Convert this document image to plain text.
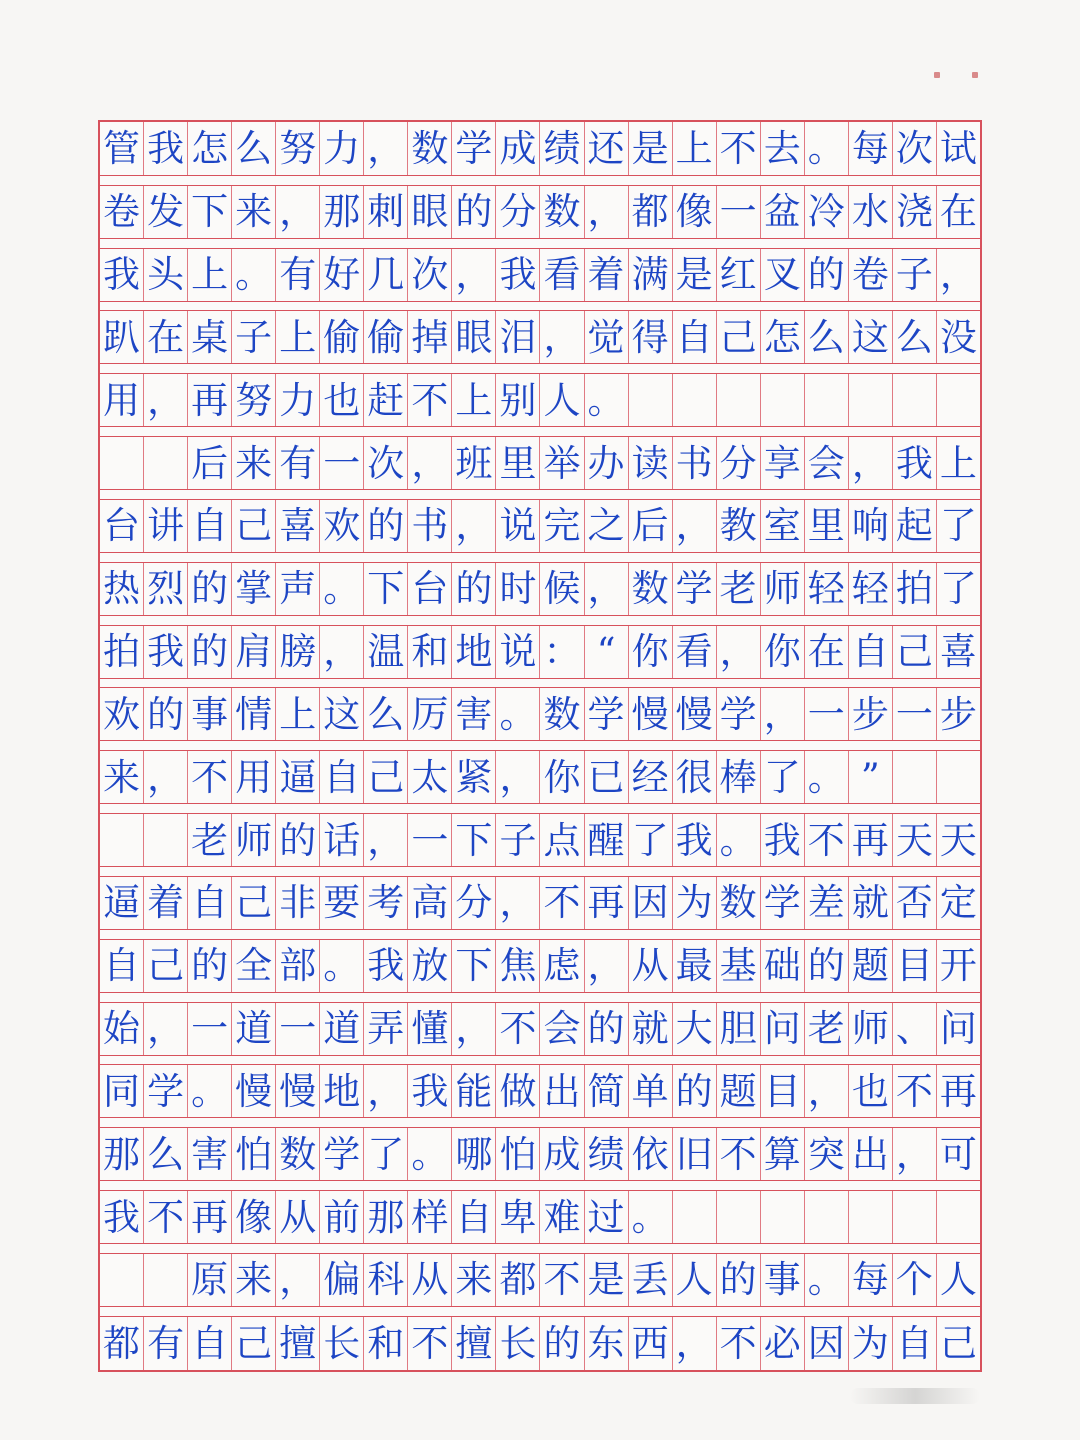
管 我 怎 么 努 力 ， 数 学 成 绩 还 是 上 不 去 。 每 次 试
卷 发 下 来 ， 那 刺 眼 的 分 数 ， 都 像 一 盆 冷 水 浇 在
我 头 上 。 有 好 几 次 ， 我 看 着 满 是 红 叉 的 卷 子 ，
趴 在 桌 子 上 偷 偷 掉 眼 泪 ， 觉 得 自 己 怎 么 这 么 没
用 ， 再 努 力 也 赶 不 上 别 人 。
后 来 有 一 次 ， 班 里 举 办 读 书 分 享 会 ， 我 上
台 讲 自 己 喜 欢 的 书 ， 说 完 之 后 ， 教 室 里 响 起 了
热 烈 的 掌 声 。 下 台 的 时 候 ， 数 学 老 师 轻 轻 拍 了
拍 我 的 肩 膀 ， 温 和 地 说 ： “ 你 看 ， 你 在 自 己 喜
欢 的 事 情 上 这 么 厉 害 。 数 学 慢 慢 学 ， 一 步 一 步
来 ， 不 用 逼 自 己 太 紧 ， 你 已 经 很 棒 了 。 ”
老 师 的 话 ， 一 下 子 点 醒 了 我 。 我 不 再 天 天
逼 着 自 己 非 要 考 高 分 ， 不 再 因 为 数 学 差 就 否 定
自 己 的 全 部 。 我 放 下 焦 虑 ， 从 最 基 础 的 题 目 开
始 ， 一 道 一 道 弄 懂 ， 不 会 的 就 大 胆 问 老 师 、 问
同 学 。 慢 慢 地 ， 我 能 做 出 简 单 的 题 目 ， 也 不 再
那 么 害 怕 数 学 了 。 哪 怕 成 绩 依 旧 不 算 突 出 ， 可
我 不 再 像 从 前 那 样 自 卑 难 过 。
原 来 ， 偏 科 从 来 都 不 是 丢 人 的 事 。 每 个 人
都 有 自 己 擅 长 和 不 擅 长 的 东 西 ， 不 必 因 为 自 己
